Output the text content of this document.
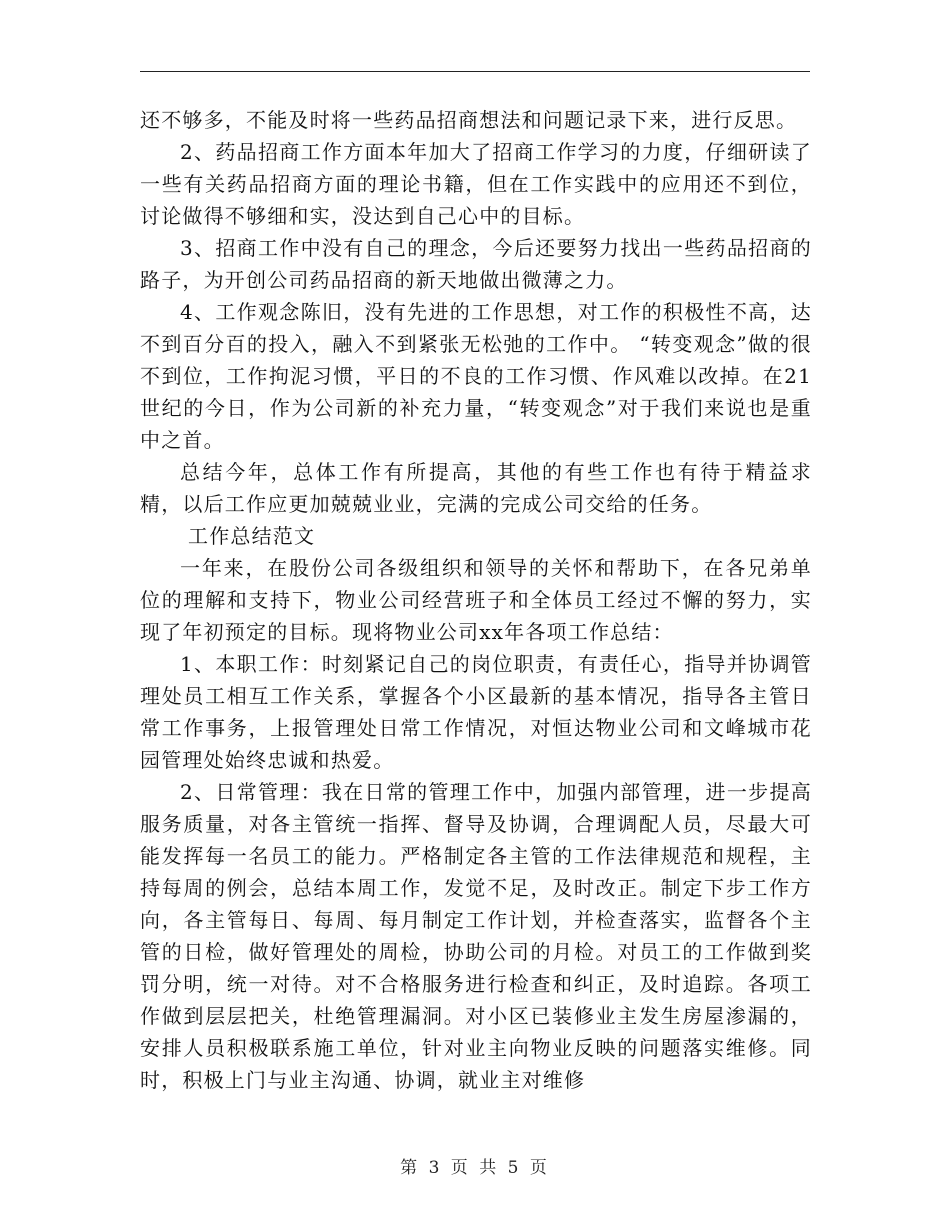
还不够多，不能及时将一些药品招商想法和问题记录下来，进行反思。

2、药品招商工作方面本年加大了招商工作学习的力度，仔细研读了一些有关药品招商方面的理论书籍，但在工作实践中的应用还不到位，讨论做得不够细和实，没达到自己心中的目标。

3、招商工作中没有自己的理念，今后还要努力找出一些药品招商的路子，为开创公司药品招商的新天地做出微薄之力。

4、工作观念陈旧，没有先进的工作思想，对工作的积极性不高，达不到百分百的投入，融入不到紧张无松弛的工作中。 “转变观念”做的很不到位，工作拘泥习惯，平日的不良的工作习惯、作风难以改掉。在21世纪的今日，作为公司新的补充力量，“转变观念”对于我们来说也是重中之首。

总结今年，总体工作有所提高，其他的有些工作也有待于精益求精，以后工作应更加兢兢业业，完满的完成公司交给的任务。

工作总结范文

一年来，在股份公司各级组织和领导的关怀和帮助下，在各兄弟单位的理解和支持下，物业公司经营班子和全体员工经过不懈的努力，实现了年初预定的目标。现将物业公司xx年各项工作总结：

1、本职工作：时刻紧记自己的岗位职责，有责任心，指导并协调管理处员工相互工作关系，掌握各个小区最新的基本情况，指导各主管日常工作事务，上报管理处日常工作情况，对恒达物业公司和文峰城市花园管理处始终忠诚和热爱。

2、日常管理：我在日常的管理工作中，加强内部管理，进一步提高服务质量，对各主管统一指挥、督导及协调，合理调配人员，尽最大可能发挥每一名员工的能力。严格制定各主管的工作法律规范和规程，主持每周的例会，总结本周工作，发觉不足，及时改正。制定下步工作方向，各主管每日、每周、每月制定工作计划，并检查落实，监督各个主管的日检，做好管理处的周检，协助公司的月检。对员工的工作做到奖罚分明，统一对待。对不合格服务进行检查和纠正，及时追踪。各项工作做到层层把关，杜绝管理漏洞。对小区已装修业主发生房屋渗漏的，安排人员积极联系施工单位，针对业主向物业反映的问题落实维修。同时，积极上门与业主沟通、协调，就业主对维修

第 3 页 共 5 页
